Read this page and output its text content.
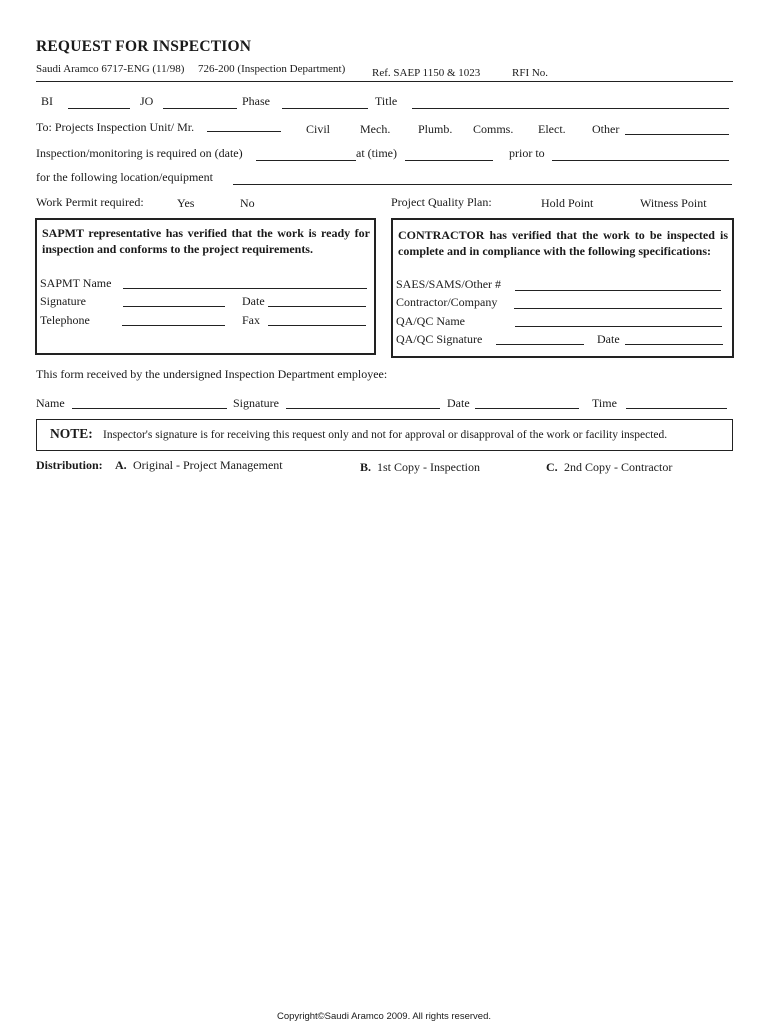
REQUEST FOR INSPECTION
Saudi Aramco 6717-ENG (11/98) 726-200 (Inspection Department) Ref. SAEP 1150 & 1023	RFI No.
BI	JO	Phase	Title
To: Projects Inspection Unit/ Mr.	Civil Mech. Plumb. Comms. Elect. Other
Inspection/monitoring is required on (date)	at (time)	prior to
for the following location/equipment
Work Permit required:	Yes	No	Project Quality Plan:	Hold Point	Witness Point
SAPMT representative has verified that the work is ready for inspection and conforms to the project requirements.
SAPMT Name
Signature	Date
Telephone	Fax
CONTRACTOR has verified that the work to be inspected is complete and in compliance with the following specifications:
SAES/SAMS/Other #
Contractor/Company
QA/QC Name
QA/QC Signature	Date
This form received by the undersigned Inspection Department employee:
Name	Signature	Date	Time
NOTE: Inspector's signature is for receiving this request only and not for approval or disapproval of the work or facility inspected.
Distribution: A. Original - Project Management	B. 1st Copy - Inspection	C. 2nd Copy - Contractor
Copyright©Saudi Aramco 2009. All rights reserved.
